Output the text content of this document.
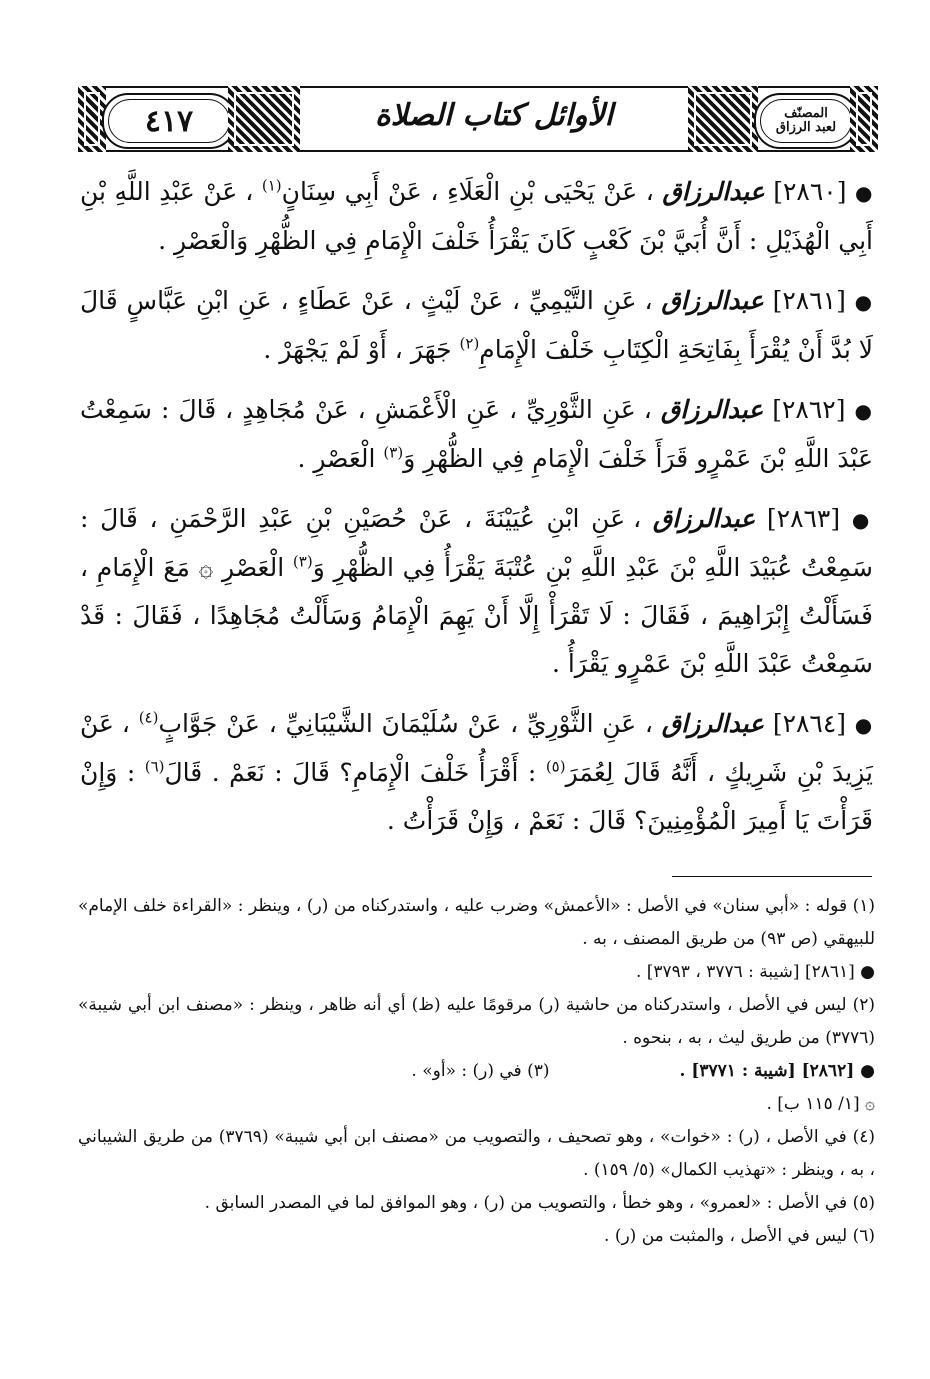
٤١٧	الأوائل كتاب الصلاة	المصنّف
لعبد الرزاق

● [٢٨٦٠] عبدالرزاق ، عَنْ يَحْيَى بْنِ الْعَلَاءِ ، عَنْ أَبِي سِنَانٍ$^{(١)}$ ، عَنْ عَبْدِ اللَّهِ بْنِ أَبِي الْهُذَيْلِ : أَنَّ أُبَيَّ بْنَ كَعْبٍ كَانَ يَقْرَأُ خَلْفَ الْإِمَامِ فِي الظُّهْرِ وَالْعَصْرِ .

● [٢٨٦١] عبدالرزاق ، عَنِ التَّيْمِيِّ ، عَنْ لَيْثٍ ، عَنْ عَطَاءٍ ، عَنِ ابْنِ عَبَّاسٍ قَالَ لَا بُدَّ أَنْ يُقْرَأَ بِفَاتِحَةِ الْكِتَابِ خَلْفَ الْإِمَامِ$^{(٢)}$ جَهَرَ ، أَوْ لَمْ يَجْهَرْ .

● [٢٨٦٢] عبدالرزاق ، عَنِ الثَّوْرِيِّ ، عَنِ الْأَعْمَشِ ، عَنْ مُجَاهِدٍ ، قَالَ : سَمِعْتُ عَبْدَ اللَّهِ بْنَ عَمْرٍو قَرَأَ خَلْفَ الْإِمَامِ فِي الظُّهْرِ وَ$^{(٣)}$ الْعَصْرِ .

● [٢٨٦٣] عبدالرزاق ، عَنِ ابْنِ عُيَيْنَةَ ، عَنْ حُصَيْنِ بْنِ عَبْدِ الرَّحْمَنِ ، قَالَ : سَمِعْتُ عُبَيْدَ اللَّهِ بْنَ عَبْدِ اللَّهِ بْنِ عُتْبَةَ يَقْرَأُ فِي الظُّهْرِ وَ$^{(٣)}$ الْعَصْرِ ۞ مَعَ الْإِمَامِ ، فَسَأَلْتُ إِبْرَاهِيمَ ، فَقَالَ : لَا تَقْرَأْ إِلَّا أَنْ يَهِمَ الْإِمَامُ وَسَأَلْتُ مُجَاهِدًا ، فَقَالَ : قَدْ سَمِعْتُ عَبْدَ اللَّهِ بْنَ عَمْرٍو يَقْرَأُ .

● [٢٨٦٤] عبدالرزاق ، عَنِ الثَّوْرِيِّ ، عَنْ سُلَيْمَانَ الشَّيْبَانِيِّ ، عَنْ جَوَّابٍ$^{(٤)}$ ، عَنْ يَزِيدَ بْنِ شَرِيكٍ ، أَنَّهُ قَالَ لِعُمَرَ$^{(٥)}$ : أَقْرَأُ خَلْفَ الْإِمَامِ؟ قَالَ : نَعَمْ . قَالَ$^{(٦)}$ : وَإِنْ قَرَأْتَ يَا أَمِيرَ الْمُؤْمِنِينَ؟ قَالَ : نَعَمْ ، وَإِنْ قَرَأْتُ .

(١) قوله : «أبي سنان» في الأصل : «الأعمش» وضرب عليه ، واستدركناه من (ر) ، وينظر : «القراءة خلف الإمام» للبيهقي (ص ٩٣) من طريق المصنف ، به .

● [٢٨٦١] [شيبة : ٣٧٧٦ ، ٣٧٩٣] .

(٢) ليس في الأصل ، واستدركناه من حاشية (ر) مرقومًا عليه (ظ) أي أنه ظاهر ، وينظر : «مصنف ابن أبي شيبة» (٣٧٧٦) من طريق ليث ، به ، بنحوه .

● [٢٨٦٢] [شيبة : ٣٧٧١] .
(٣) في (ر) : «أو» .

۞ [١/ ١١٥ ب] .

(٤) في الأصل ، (ر) : «خوات» ، وهو تصحيف ، والتصويب من «مصنف ابن أبي شيبة» (٣٧٦٩) من طريق الشيباني ، به ، وينظر : «تهذيب الكمال» (٥/ ١٥٩) .

(٥) في الأصل : «لعمرو» ، وهو خطأ ، والتصويب من (ر) ، وهو الموافق لما في المصدر السابق .

(٦) ليس في الأصل ، والمثبت من (ر) .
